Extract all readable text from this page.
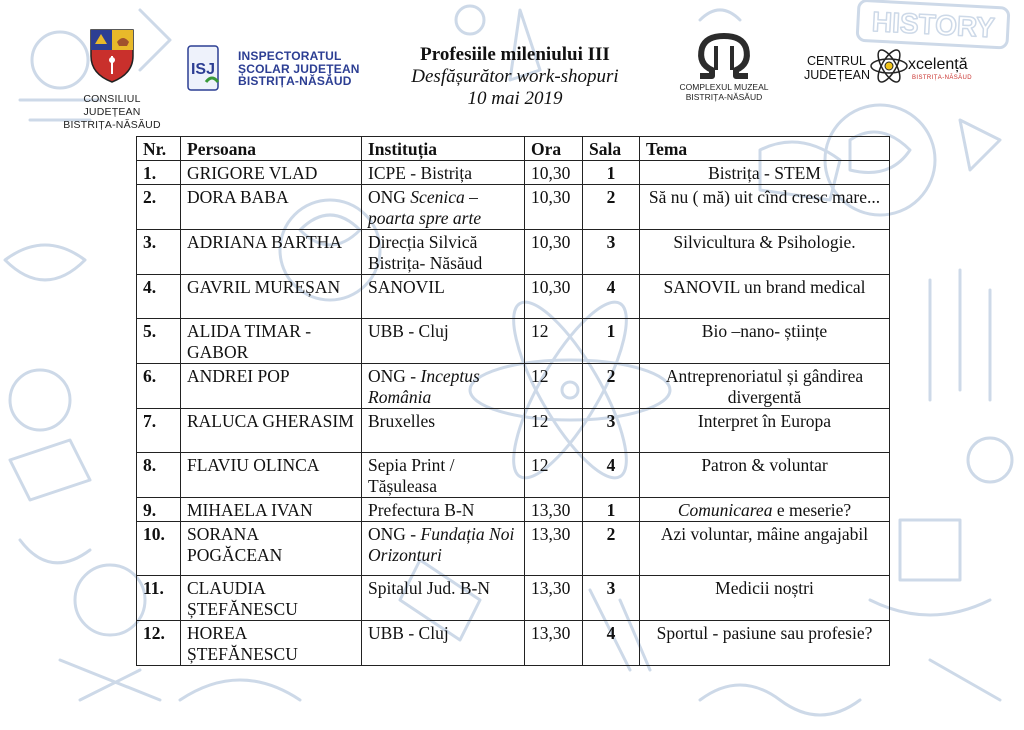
HISTORY
CONSILIUL JUDEȚEAN
BISTRIȚA-NĂSĂUD
ISJ
INSPECTORATUL
ȘCOLAR JUDEȚEAN
BISTRIȚA-NĂSĂUD
Profesiile mileniului III
Desfășurător work-shopuri
10 mai 2019
COMPLEXUL MUZEAL
BISTRIȚA-NĂSĂUD
CENTRUL
JUDEȚEAN
xcelență
BISTRIȚA-NĂSĂUD
Nr.	Persoana	Instituția	Ora	Sala	Tema
1.	GRIGORE VLAD	ICPE - Bistrița	10,30	1	Bistrița - STEM
2.	DORA BABA	ONG Scenica – poarta spre arte	10,30	2	Să nu ( mă) uit cînd cresc mare...
3.	ADRIANA BARTHA	Direcția Silvică Bistrița- Năsăud	10,30	3	Silvicultura & Psihologie.
4.	GAVRIL MUREȘAN	SANOVIL	10,30	4	SANOVIL un brand medical
5.	ALIDA TIMAR - GABOR	UBB - Cluj	12	1	Bio –nano- științe
6.	ANDREI POP	ONG - Inceptus România	12	2	Antreprenoriatul și gândirea divergentă
7.	RALUCA GHERASIM	Bruxelles	12	3	Interpret în Europa
8.	FLAVIU OLINCA	Sepia Print / Tășuleasa	12	4	Patron & voluntar
9.	MIHAELA IVAN	Prefectura B-N	13,30	1	Comunicarea e meserie?
10.	SORANA POGĂCEAN	ONG - Fundația Noi Orizonturi	13,30	2	Azi voluntar, mâine angajabil
11.	CLAUDIA ȘTEFĂNESCU	Spitalul Jud. B-N	13,30	3	Medicii noștri
12.	HOREA ȘTEFĂNESCU	UBB - Cluj	13,30	4	Sportul - pasiune sau profesie?
